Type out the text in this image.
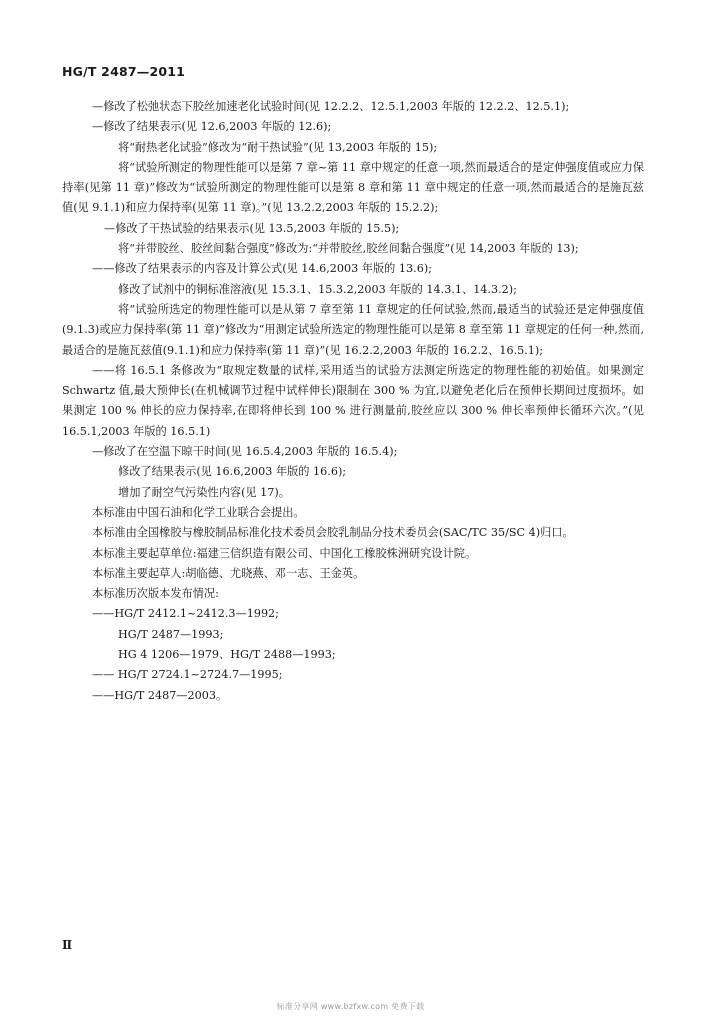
HG/T 2487—2011

—修改了松弛状态下胶丝加速老化试验时间(见 12.2.2、12.5.1,2003 年版的 12.2.2、12.5.1);

—修改了结果表示(见 12.6,2003 年版的 12.6);

将“耐热老化试验”修改为“耐干热试验”(见 13,2003 年版的 15);

将“试验所测定的物理性能可以是第 7 章~第 11 章中规定的任意一项,然而最适合的是定伸强度值或应力保持率(见第 11 章)”修改为“试验所测定的物理性能可以是第 8 章和第 11 章中规定的任意一项,然而最适合的是施瓦兹值(见 9.1.1)和应力保持率(见第 11 章)。”(见 13.2.2,2003 年版的 15.2.2);

—修改了干热试验的结果表示(见 13.5,2003 年版的 15.5);

将“并带胶丝、胶丝间黏合强度”修改为:“并带胶丝,胶丝间黏合强度”(见 14,2003 年版的 13);

——修改了结果表示的内容及计算公式(见 14.6,2003 年版的 13.6);

修改了试剂中的铜标准溶液(见 15.3.1、15.3.2,2003 年版的 14.3.1、14.3.2);

将“试验所选定的物理性能可以是从第 7 章至第 11 章规定的任何试验,然而,最适当的试验还是定伸强度值(9.1.3)或应力保持率(第 11 章)”修改为“用测定试验所选定的物理性能可以是第 8 章至第 11 章规定的任何一种,然而,最适合的是施瓦兹值(9.1.1)和应力保持率(第 11 章)”(见 16.2.2,2003 年版的 16.2.2、16.5.1);

——将 16.5.1 条修改为“取规定数量的试样,采用适当的试验方法测定所选定的物理性能的初始值。如果测定 Schwartz 值,最大预伸长(在机械调节过程中试样伸长)限制在 300 % 为宜,以避免老化后在预伸长期间过度损坏。如果测定 100 % 伸长的应力保持率,在即将伸长到 100 % 进行测量前,胶丝应以 300 % 伸长率预伸长循环六次。”(见 16.5.1,2003 年版的 16.5.1)

—修改了在空温下晾干时间(见 16.5.4,2003 年版的 16.5.4);

修改了结果表示(见 16.6,2003 年版的 16.6);

增加了耐空气污染性内容(见 17)。

本标准由中国石油和化学工业联合会提出。

本标准由全国橡胶与橡胶制品标准化技术委员会胶乳制品分技术委员会(SAC/TC 35/SC 4)归口。

本标准主要起草单位:福建三信织造有限公司、中国化工橡胶株洲研究设计院。

本标准主要起草人:胡临德、尤晓燕、邓一志、王金英。

本标准历次版本发布情况:

——HG/T 2412.1~2412.3—1992;

HG/T 2487—1993;

HG 4 1206—1979、HG/T 2488—1993;

—— HG/T 2724.1~2724.7—1995;

——HG/T 2487—2003。

Ⅱ
标准分享网 www.bzfxw.com 免费下载
